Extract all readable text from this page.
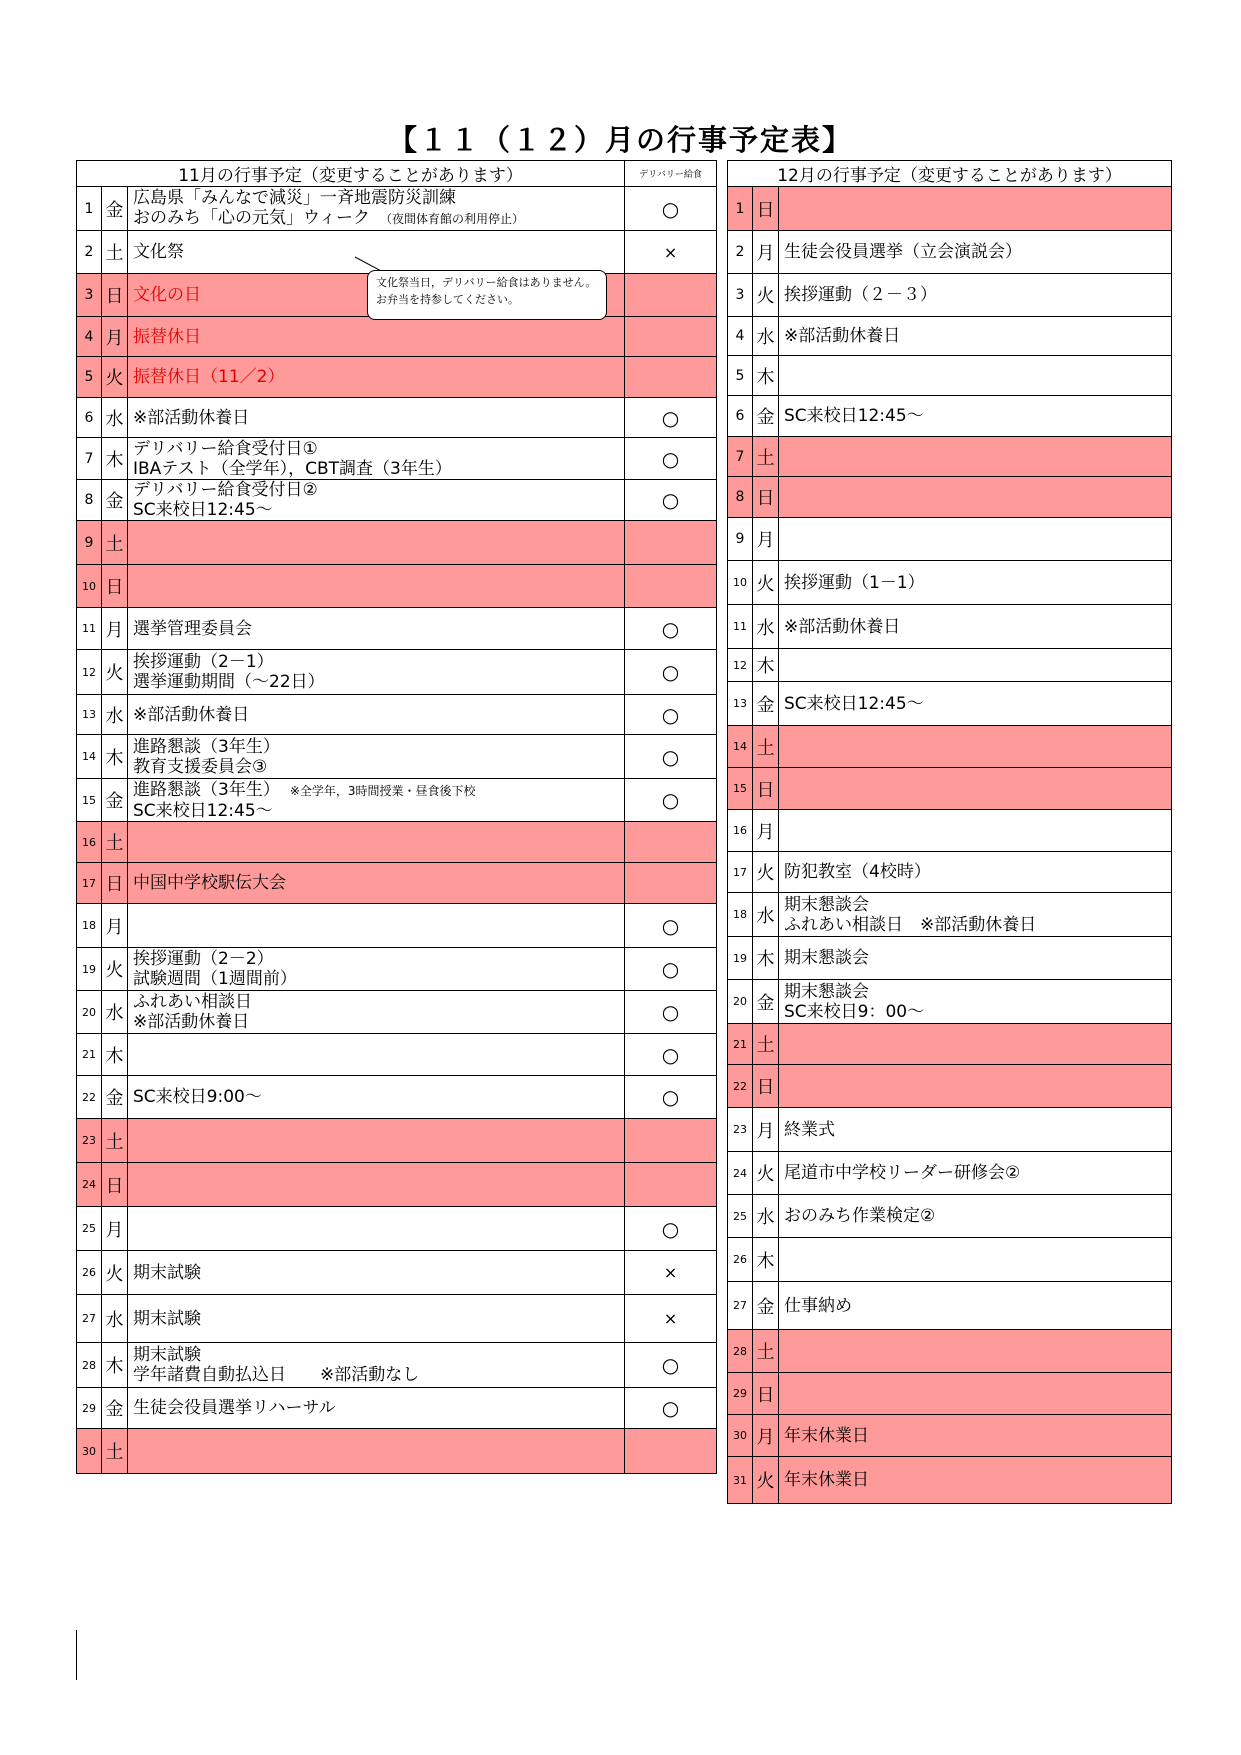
【１１（１２）月の行事予定表】
11月の行事予定（変更することがあります）			デリバリー給食
1	金	広島県「みんなで減災」一斉地震防災訓練
おのみち「心の元気」ウィーク （夜間体育館の利用停止）	○
2	土	文化祭	×
3	日	文化の日	

4	月	振替休日	

5	火	振替休日（11／2）	

6	水	※部活動休養日	○
7	木	デリバリー給食受付日①
IBAテスト（全学年），CBT調査（3年生）	○
8	金	デリバリー給食受付日②
SC来校日12:45～	○
9	土	

10	日	

11	月	選挙管理委員会	○
12	火	挨拶運動（2－1）
選挙運動期間（～22日）	○
13	水	※部活動休養日	○
14	木	進路懇談（3年生）
教育支援委員会③	○
15	金	進路懇談（3年生） ※全学年，3時間授業・昼食後下校
SC来校日12:45～	○
16	土	

17	日	中国中学校駅伝大会	

18	月		○
19	火	挨拶運動（2－2）
試験週間（1週間前）	○
20	水	ふれあい相談日
※部活動休養日	○
21	木		○
22	金	SC来校日9:00～	○
23	土	

24	日	

25	月		○
26	火	期末試験	×
27	水	期末試験	×
28	木	期末試験
学年諸費自動払込日　　※部活動なし	○
29	金	生徒会役員選挙リハーサル	○
30	土	

12月の行事予定（変更することがあります）		
1	日	

2	月	生徒会役員選挙（立会演説会）

3	火	挨拶運動（２－３）

4	水	※部活動休養日

5	木	

6	金	SC来校日12:45～

7	土	

8	日	

9	月	

10	火	挨拶運動（1－1）

11	水	※部活動休養日

12	木	

13	金	SC来校日12:45～

14	土	

15	日	

16	月	

17	火	防犯教室（4校時）

18	水	期末懇談会
ふれあい相談日　※部活動休養日

19	木	期末懇談会

20	金	期末懇談会
SC来校日9：00～

21	土	

22	日	

23	月	終業式

24	火	尾道市中学校リーダー研修会②

25	水	おのみち作業検定②

26	木	

27	金	仕事納め

28	土	

29	日	

30	月	年末休業日

31	火	年末休業日
文化祭当日，デリバリー給食はありません。お弁当を持参してください。
